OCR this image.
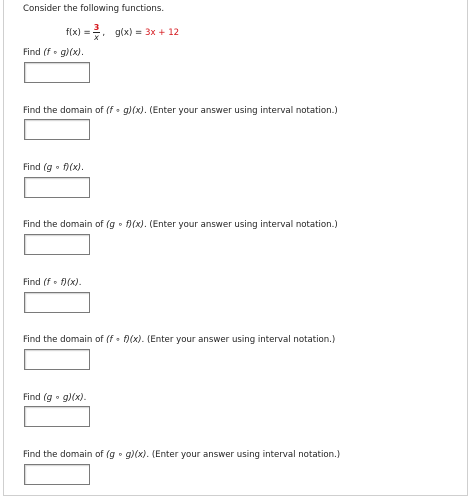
Consider the following functions.
$f(x) = \frac{3}{x}$ , g(x) =
3x + 12
Find (f ∘ g)(x).
Find the domain of (f ∘ g)(x). (Enter your answer using interval notation.)
Find (g ∘ f)(x).
Find the domain of (g ∘ f)(x). (Enter your answer using interval notation.)
Find (f ∘ f)(x).
Find the domain of (f ∘ f)(x). (Enter your answer using interval notation.)
Find (g ∘ g)(x).
Find the domain of (g ∘ g)(x). (Enter your answer using interval notation.)
